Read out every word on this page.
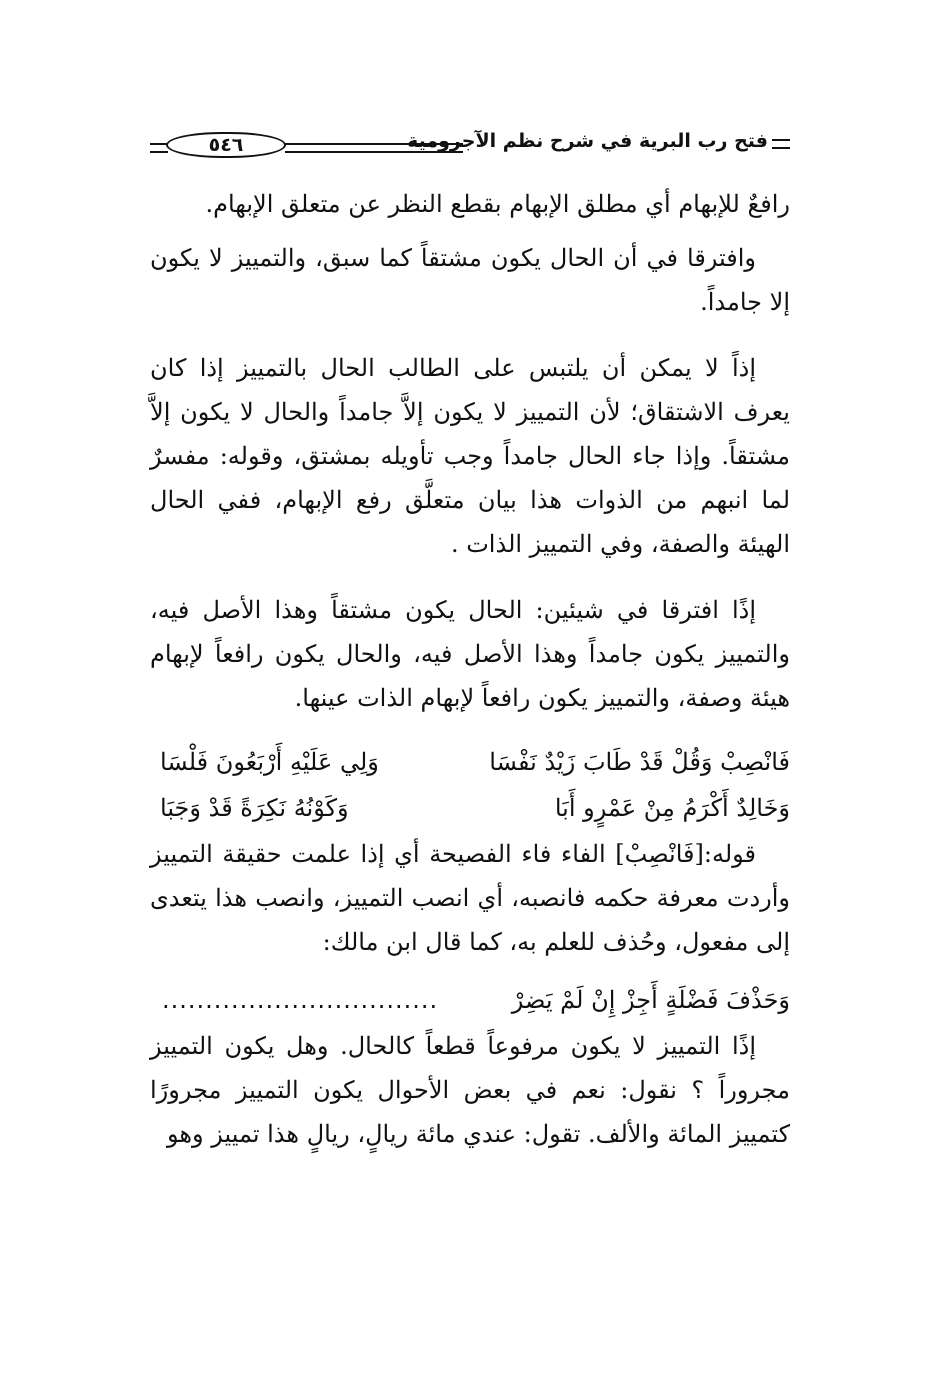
فتح رب البرية في شرح نظم الآجرومية
٥٤٦

رافعٌ للإبهام أي مطلق الإبهام بقطع النظر عن متعلق الإبهام.

وافترقا في أن الحال يكون مشتقاً كما سبق، والتمييز لا يكون إلا جامداً.

إذاً لا يمكن أن يلتبس على الطالب الحال بالتمييز إذا كان يعرف الاشتقاق؛ لأن التمييز لا يكون إلاَّ جامداً والحال لا يكون إلاَّ مشتقاً. وإذا جاء الحال جامداً وجب تأويله بمشتق، وقوله: مفسرٌ لما انبهم من الذوات هذا بيان متعلَّق رفع الإبهام، ففي الحال الهيئة والصفة، وفي التمييز الذات .

إذًا افترقا في شيئين: الحال يكون مشتقاً وهذا الأصل فيه، والتمييز يكون جامداً وهذا الأصل فيه، والحال يكون رافعاً لإبهام هيئة وصفة، والتمييز يكون رافعاً لإبهام الذات عينها.

فَانْصِبْ وَقُلْ قَدْ طَابَ زَيْدٌ نَفْسَا
وَلِي عَلَيْهِ أَرْبَعُونَ فَلْسَا
وَخَالِدٌ أَكْرَمُ مِنْ عَمْرٍو أَبَا
وَكَوْنُهُ نَكِرَةً قَدْ وَجَبَا

قوله:[فَانْصِبْ] الفاء فاء الفصيحة أي إذا علمت حقيقة التمييز وأردت معرفة حكمه فانصبه، أي انصب التمييز، وانصب هذا يتعدى إلى مفعول، وحُذف للعلم به، كما قال ابن مالك:

وَحَذْفَ فَضْلَةٍ أَجِزْ إِنْ لَمْ يَضِرْ
................................

إذًا التمييز لا يكون مرفوعاً قطعاً كالحال. وهل يكون التمييز مجروراً ؟ نقول: نعم في بعض الأحوال يكون التمييز مجرورًا كتمييز المائة والألف. تقول: عندي مائة ريالٍ، ريالٍ هذا تمييز وهو
